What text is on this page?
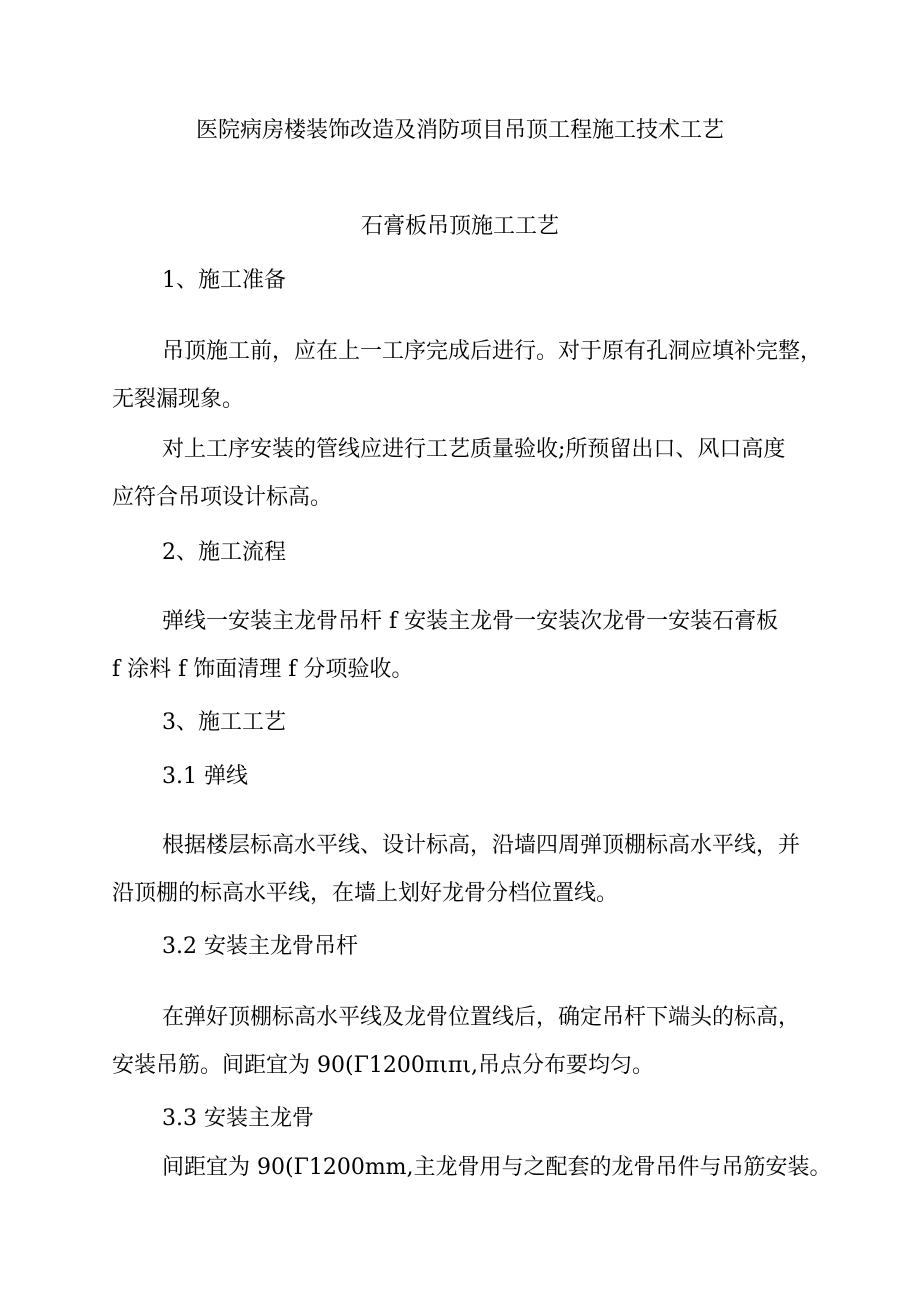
医院病房楼装饰改造及消防项目吊顶工程施工技术工艺
石膏板吊顶施工工艺
1、施工准备
吊顶施工前，应在上一工序完成后进行。对于原有孔洞应填补完整，
无裂漏现象。
对上工序安装的管线应进行工艺质量验收;所预留出口、风口高度
应符合吊项设计标高。
2、施工流程
弹线一安装主龙骨吊杆 f 安装主龙骨一安装次龙骨一安装石膏板
f 涂料 f 饰面清理 f 分项验收。
3、施工工艺
3.1 弹线
根据楼层标高水平线、设计标高，沿墙四周弹顶棚标高水平线，并
沿顶棚的标高水平线，在墙上划好龙骨分档位置线。
3.2 安装主龙骨吊杆
在弹好顶棚标高水平线及龙骨位置线后，确定吊杆下端头的标高，
安装吊筋。间距宜为 90(Γ1200πιπι,吊点分布要均匀。
3.3 安装主龙骨
间距宜为 90(Γ1200mm,主龙骨用与之配套的龙骨吊件与吊筋安装。
